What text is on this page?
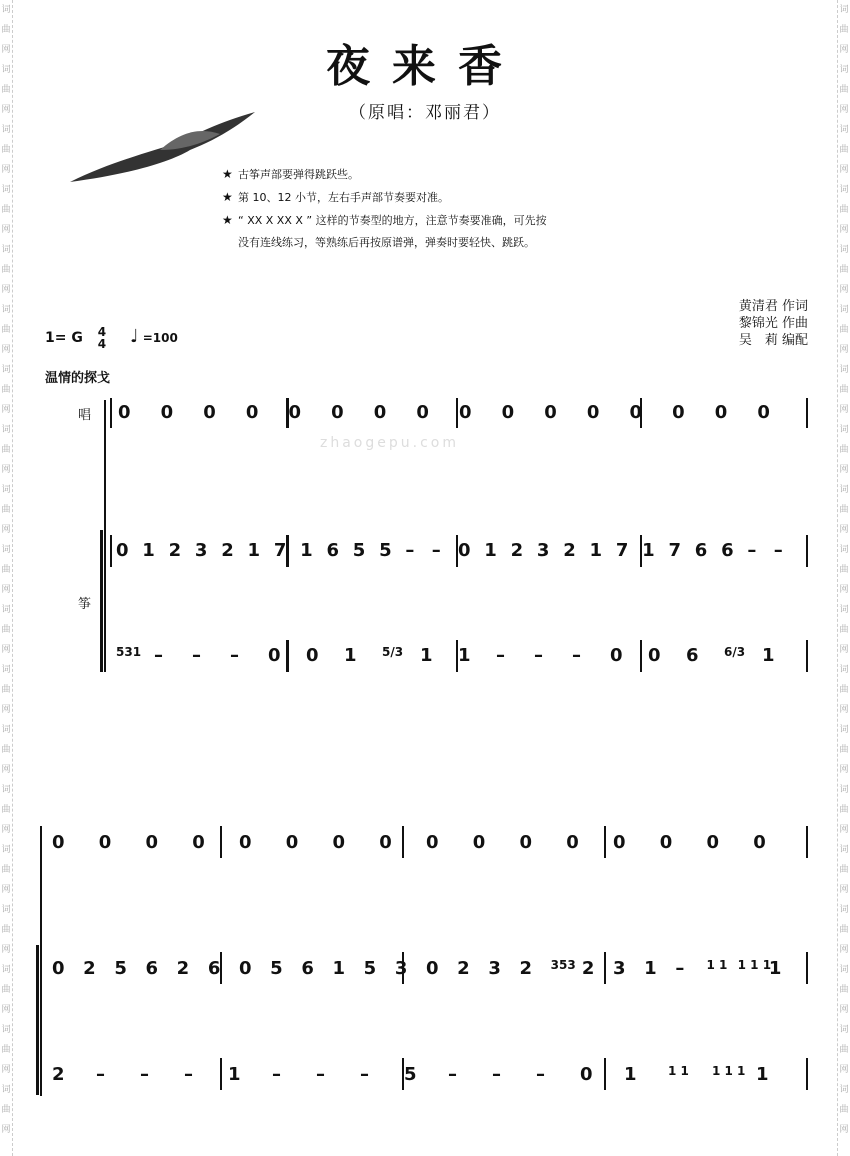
词
曲
网
词
曲
网
词
曲
网
词
曲
网
词
曲
网
词
曲
网
词
曲
网
词
曲
网
词
曲
网
词
曲
网
词
曲
网
词
曲
网
词
曲
网
词
曲
网
词
曲
网
词
曲
网
词
曲
网
词
曲
网
词
曲
网
词
曲
网
词
曲
网
词
曲
网
词
曲
网
词
曲
网
词
曲
网
词
曲
网
词
曲
网
词
曲
网
词
曲
网
词
曲
网
词
曲
网
词
曲
网
词
曲
网
词
曲
网
词
曲
网
词
曲
网
词
曲
网
词
曲
网
夜来香
（原唱：邓丽君）
★ 古筝声部要弹得跳跃些。
★ 第 10、12 小节，左右手声部节奏要对准。
★ “ XX X XX X ” 这样的节奏型的地方，注意节奏要准确，可先按
没有连线练习，等熟练后再按原谱弹，弹奏时要轻快、跳跃。
1= G 4
4 ♩ =100
黄清君 作词
黎锦光 作曲
吴　莉 编配
温情的探戈
唱
筝
zhaogepu.com
0 0 0 0 0 0 0 0 0 0 0 0 0 0 0 0
0 1 2 3 2 1 7 1 6 5 5 – – 0 1 2 3 2 1 7 1 7 6 6 – –
531 – – – 0 0 1 5/3 1 1 – – – 0 0 6 6/3 1
0 0 0 0 0 0 0 0 0 0 0 0 0 0 0 0
0 2 5 6 2 6 0 5 6 1 5 3 0 2 3 2 353 2 3 1 – 1 1 1 1 1
1
2 – – – 1 – – – 5 – – – 0 1	1 1 1 1 1 1
